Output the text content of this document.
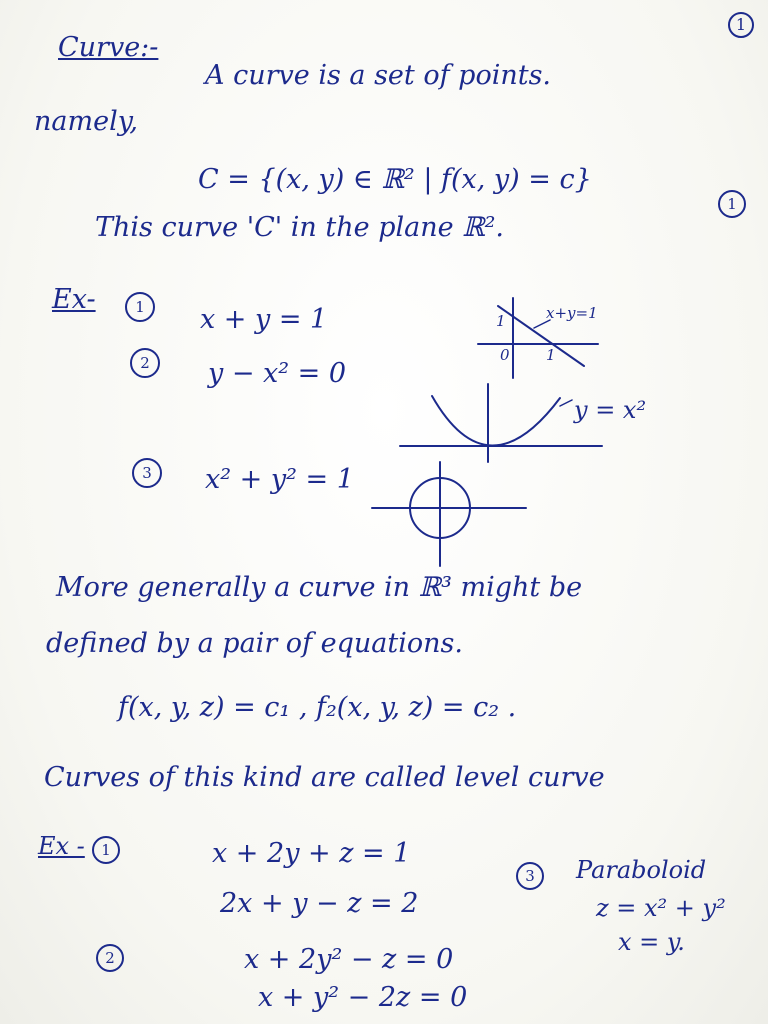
1
Curve:-
A curve is a set of points.
namely,
C = {(x, y) ∈ ℝ² | f(x, y) = c}
1
This curve 'C' in the plane ℝ².
Ex-	1	x + y = 1
2	y − x² = 0
3	x² + y² = 1
x+y=1
1
1
0
y = x²
More generally a curve in ℝ³ might be
defined by a pair of equations.
f(x, y, z) = c₁ , f₂(x, y, z) = c₂ .
Curves of this kind are called level curve
Ex -	1	x + 2y + z = 1
2x + y − z = 2
2	x + 2y² − z = 0
x + y² − 2z = 0
3	Paraboloid
z = x² + y²
x = y.
